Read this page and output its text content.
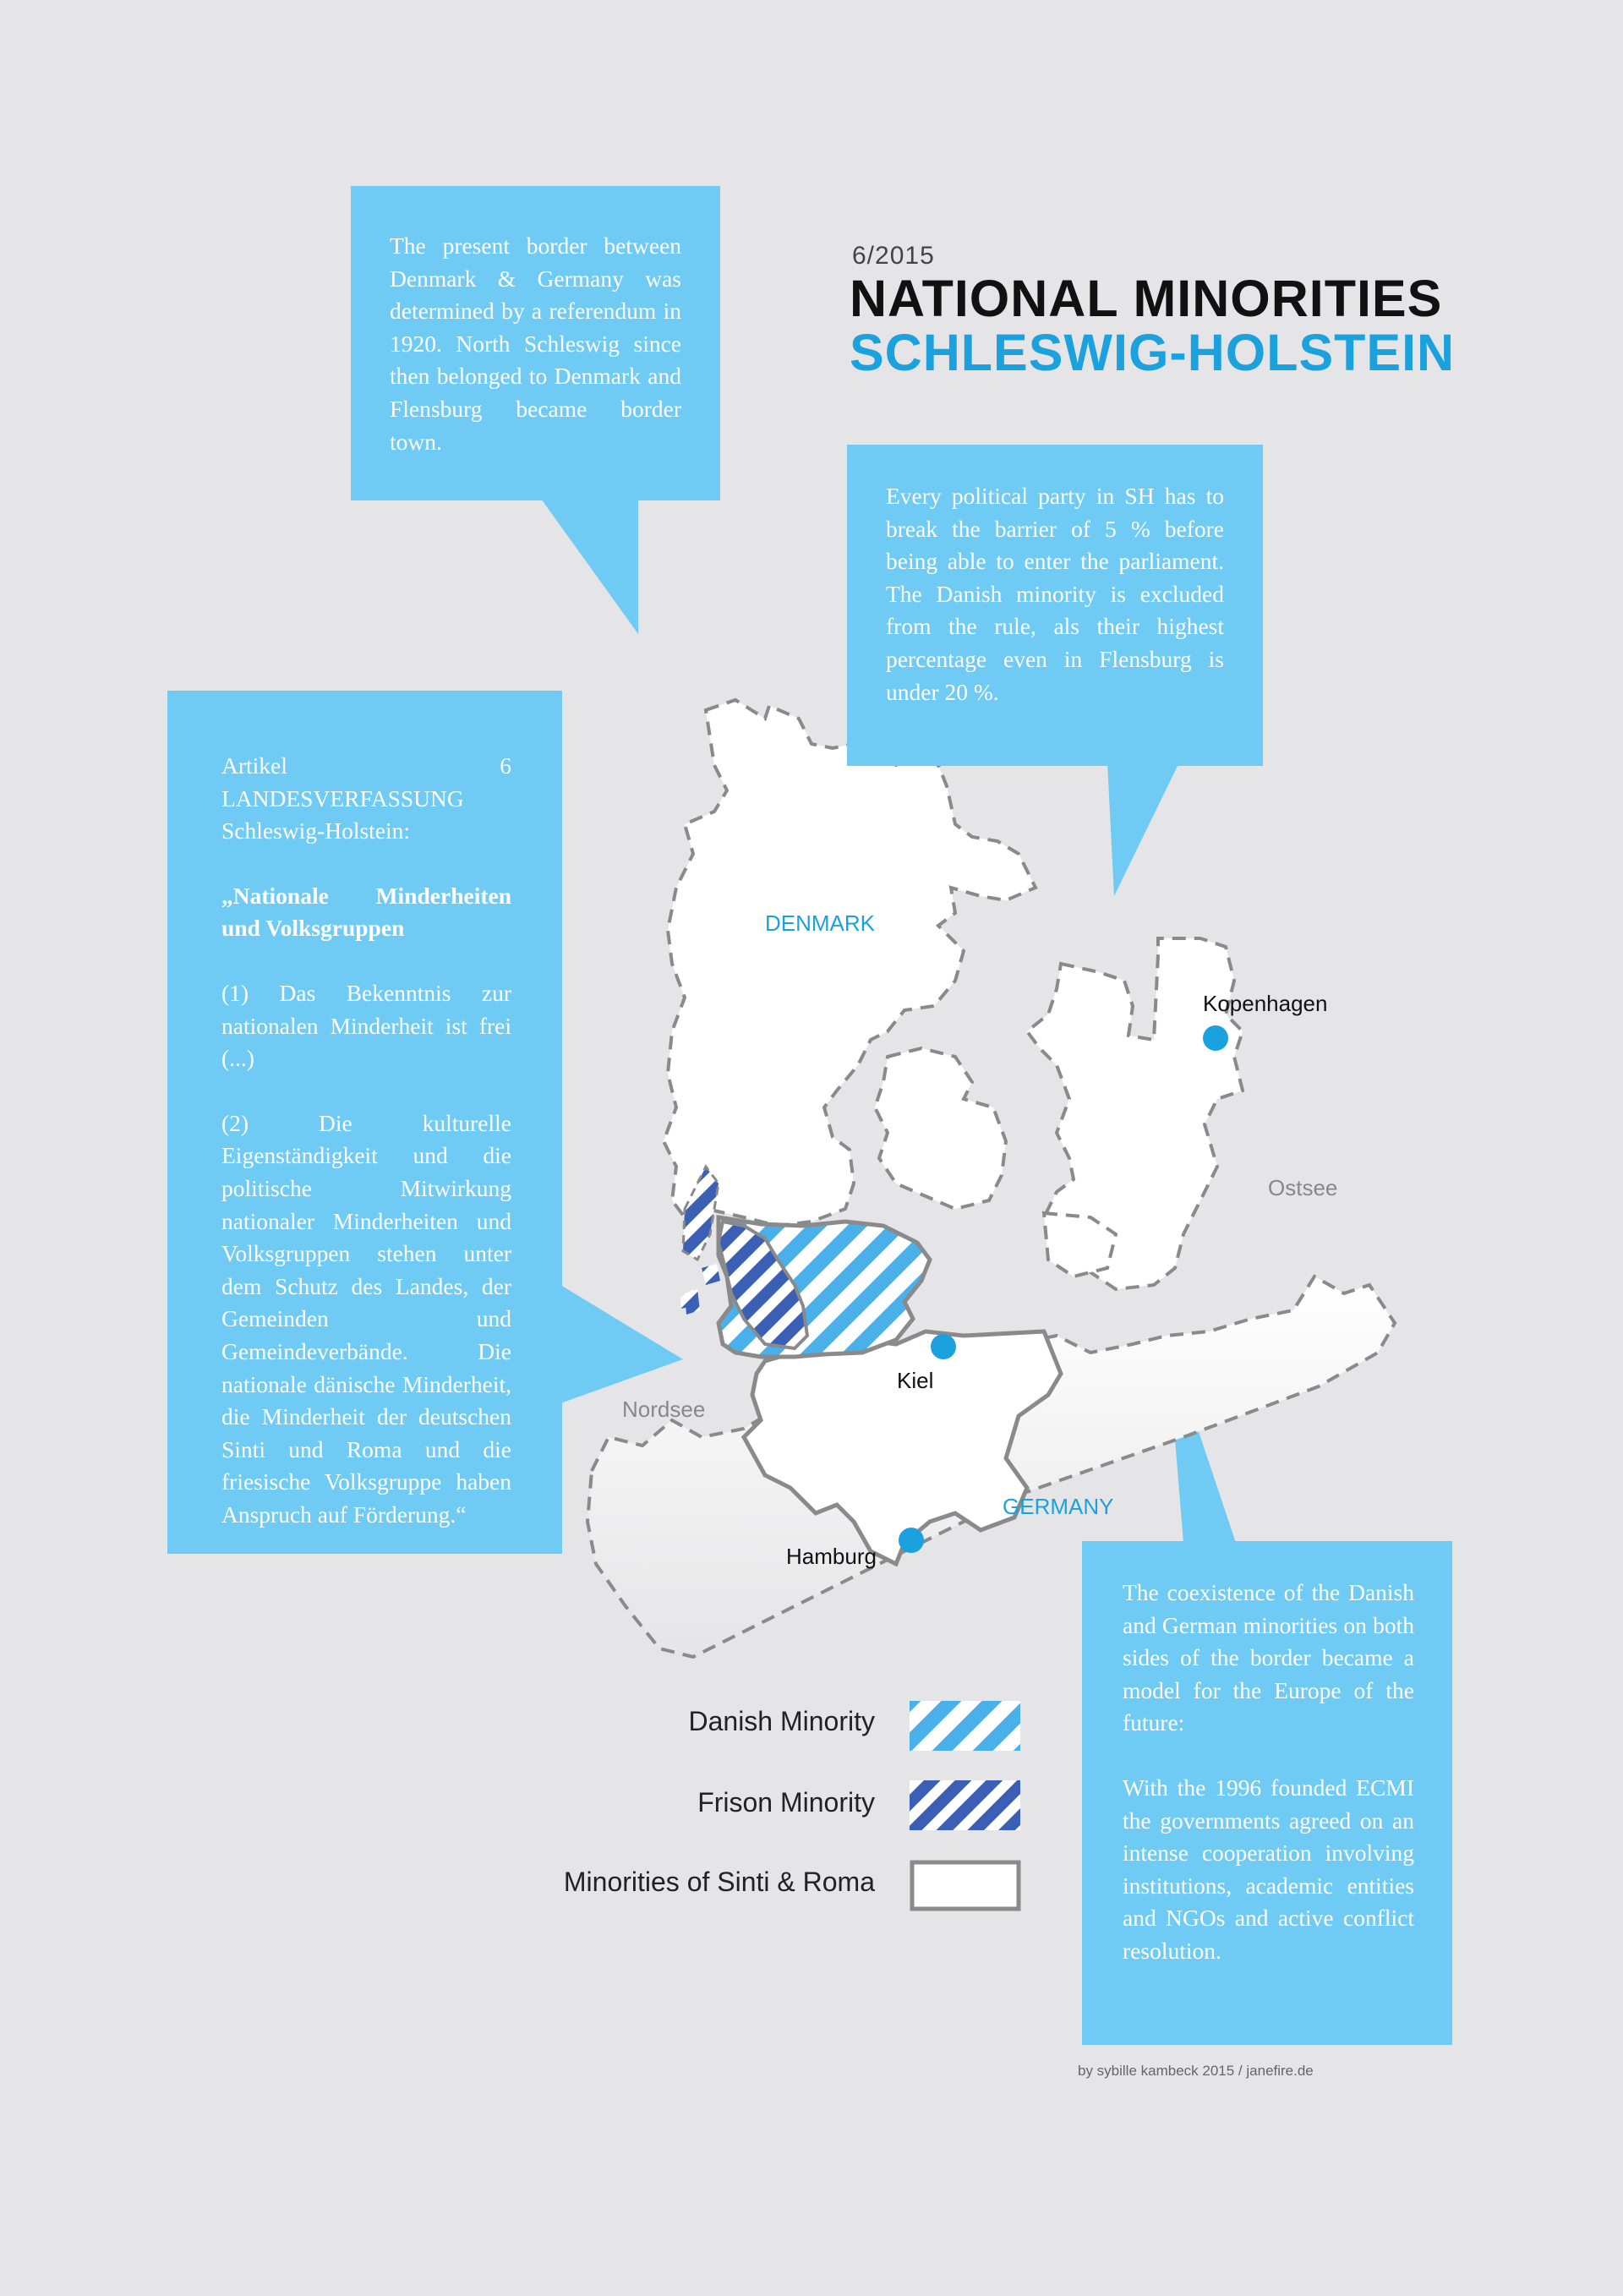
6/2015
NATIONAL MINORITIES
SCHLESWIG-HOLSTEIN
DENMARK
GERMANY
Ostsee
Nordsee
Kopenhagen
Kiel
Hamburg

The present border between Denmark & Germany was determined by a referendum in 1920. North Schleswig since then belonged to Denmark and Flensburg became border town.

Every political party in SH has to break the barrier of 5 % before being able to enter the parliament. The Danish minority is excluded from the rule, als their highest percentage even in Flensburg is under 20 %.

Artikel 6 LANDESVERFASSUNG Schleswig-Holstein:

„Nationale Minderheiten und Volksgruppen

(1) Das Bekenntnis zur nationalen Minderheit ist frei (...)

(2) Die kulturelle Eigenständigkeit und die politische Mitwirkung nationaler Minderheiten und Volksgruppen stehen unter dem Schutz des Landes, der Gemeinden und Gemeindeverbände. Die nationale dänische Minderheit, die Minderheit der deutschen Sinti und Roma und die friesische Volksgruppe haben Anspruch auf Förderung.“

The coexistence of the Danish and German minorities on both sides of the border became a model for the Europe of the future:

With the 1996 founded ECMI the governments agreed on an intense cooperation involving institutions, academic entities and NGOs and active conflict resolution.

Danish Minority
Frison Minority
Minorities of Sinti & Roma
by sybille kambeck 2015 / janefire.de
